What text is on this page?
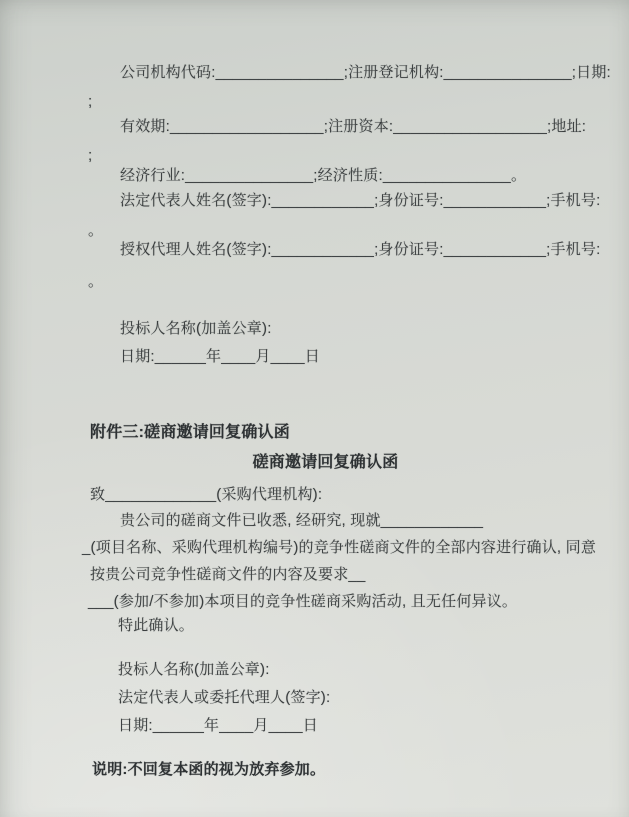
公司机构代码:_______________;注册登记机构:_______________;日期:
;
有效期:__________________;注册资本:__________________;地址:
;
经济行业:_______________;经济性质:_______________。
法定代表人姓名(签字):____________;身份证号:____________;手机号:
。
授权代理人姓名(签字):____________;身份证号:____________;手机号:
。
投标人名称(加盖公章):
日期:______年____月____日
附件三:磋商邀请回复确认函
磋商邀请回复确认函
致_____________(采购代理机构):
贵公司的磋商文件已收悉, 经研究, 现就____________
_(项目名称、采购代理机构编号)的竞争性磋商文件的全部内容进行确认, 同意
按贵公司竞争性磋商文件的内容及要求__
___(参加/不参加)本项目的竞争性磋商采购活动, 且无任何异议。
特此确认。
投标人名称(加盖公章):
法定代表人或委托代理人(签字):
日期:______年____月____日
说明:不回复本函的视为放弃参加。
